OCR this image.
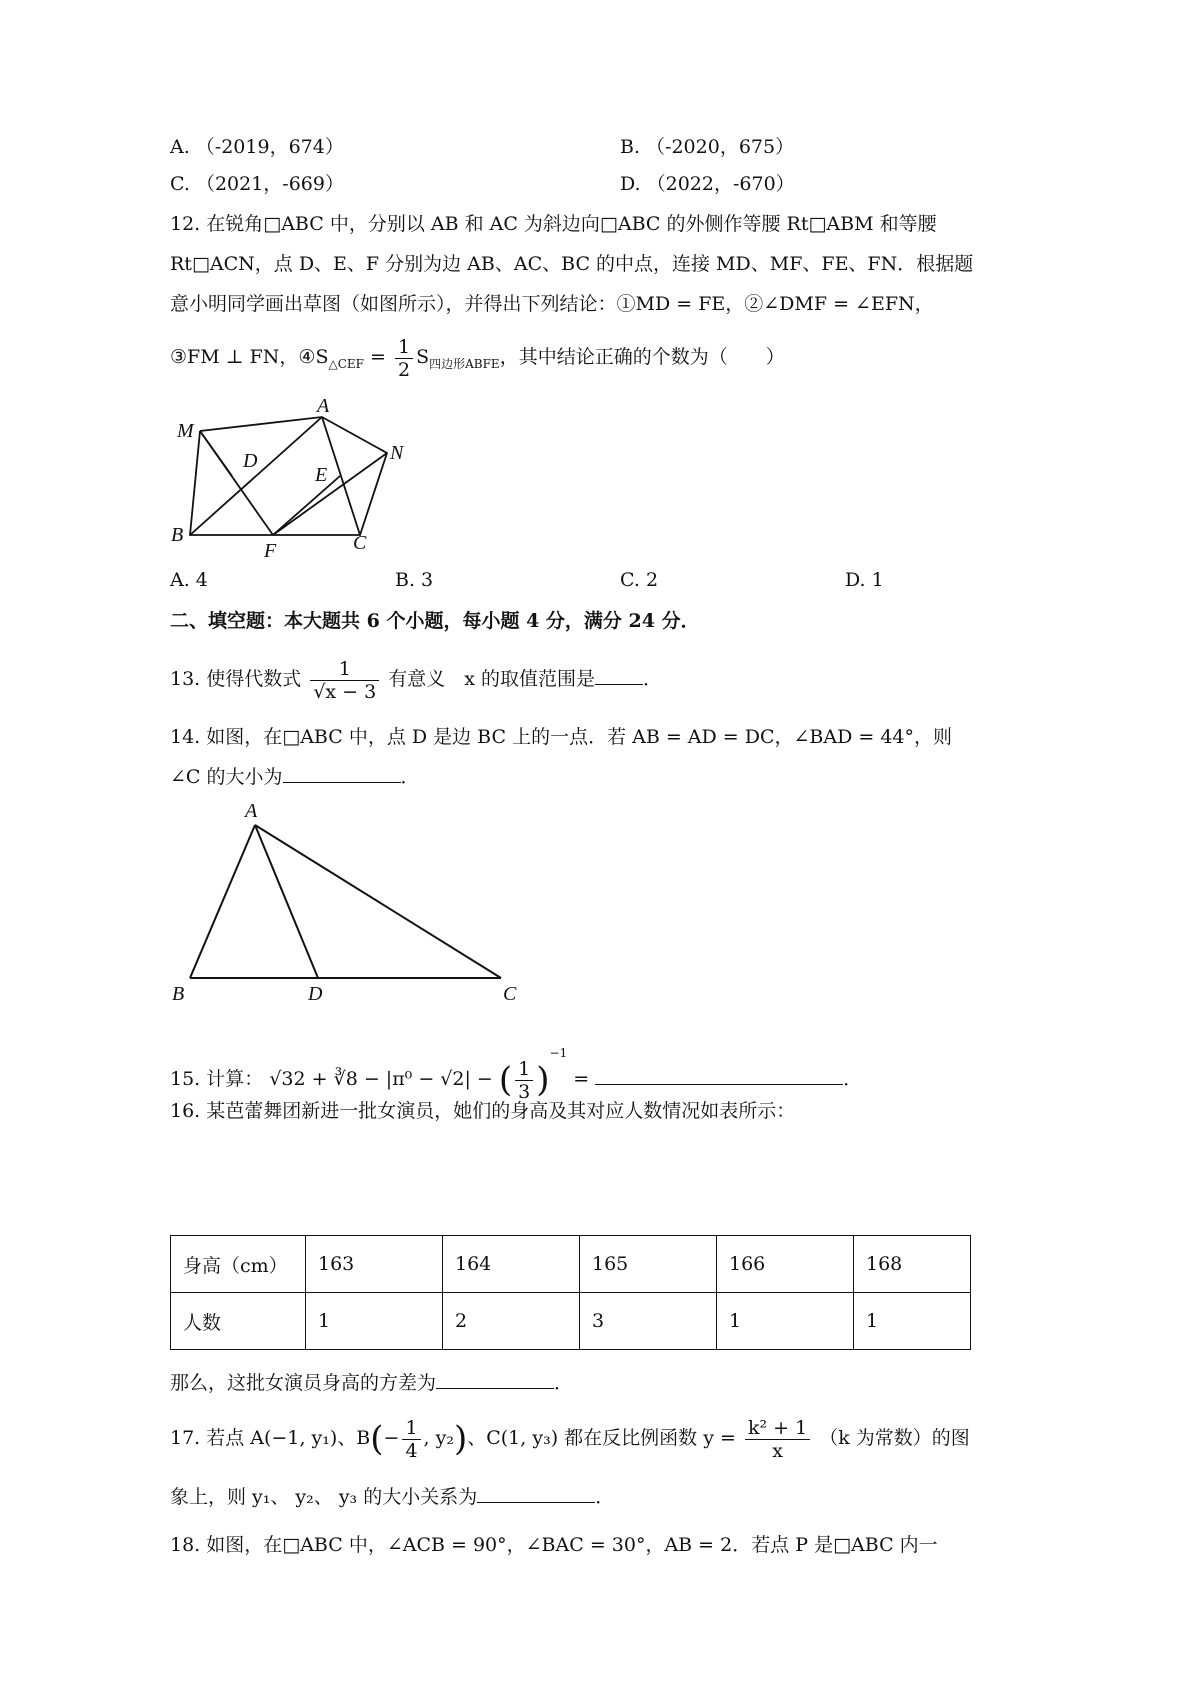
A. （-2019，674）	B. （-2020，675）
C. （2021，-669）	D. （2022，-670）
12. 在锐角□ABC 中，分别以 AB 和 AC 为斜边向□ABC 的外侧作等腰 Rt□ABM 和等腰
Rt□ACN，点 D、E、F 分别为边 AB、AC、BC 的中点，连接 MD、MF、FE、FN．根据题
意小明同学画出草图（如图所示），并得出下列结论：①MD = FE，②∠DMF = ∠EFN，
③FM ⊥ FN，$④S_{\triangle CEF} = \frac{1}{2} S_{四边形ABFE}$，其中结论正确的个数为（　　）
M
A
N
D
E
B
F	C
A. 4	B. 3	C. 2	D. 1
二、填空题：本大题共 6 个小题，每小题 4 分，满分 24 分．
13. 使得代数式 $\frac{1}{√x - 3}$ 有意义　x 的取值范围是	．
14. 如图，在□ABC 中，点 D 是边 BC 上的一点．若 AB = AD = DC，∠BAD = 44°，则
∠C 的大小为	．
A
B	D	C
15. 计算： √32 + ∛8 − |π⁰ − √2| − ( $\frac{1}{3} )^{-1}$ =	．
16. 某芭蕾舞团新进一批女演员，她们的身高及其对应人数情况如表所示：
身高（cm）	163	164	165	166	168
人数	1	2	3	1	1
那么，这批女演员身高的方差为	．
17. 若点 A(−1, y₁)、$B(- \frac{1}{4}$ , y₂)、C(1, y₃) 都在反比例函数 $y = \frac{\text{k² + 1}}{x} (k$ 为常数）的图
象上，则 y₁、 y₂、 y₃ 的大小关系为	．
18. 如图，在□ABC 中，∠ACB = 90°，∠BAC = 30°，AB = 2．若点 P 是□ABC 内一
